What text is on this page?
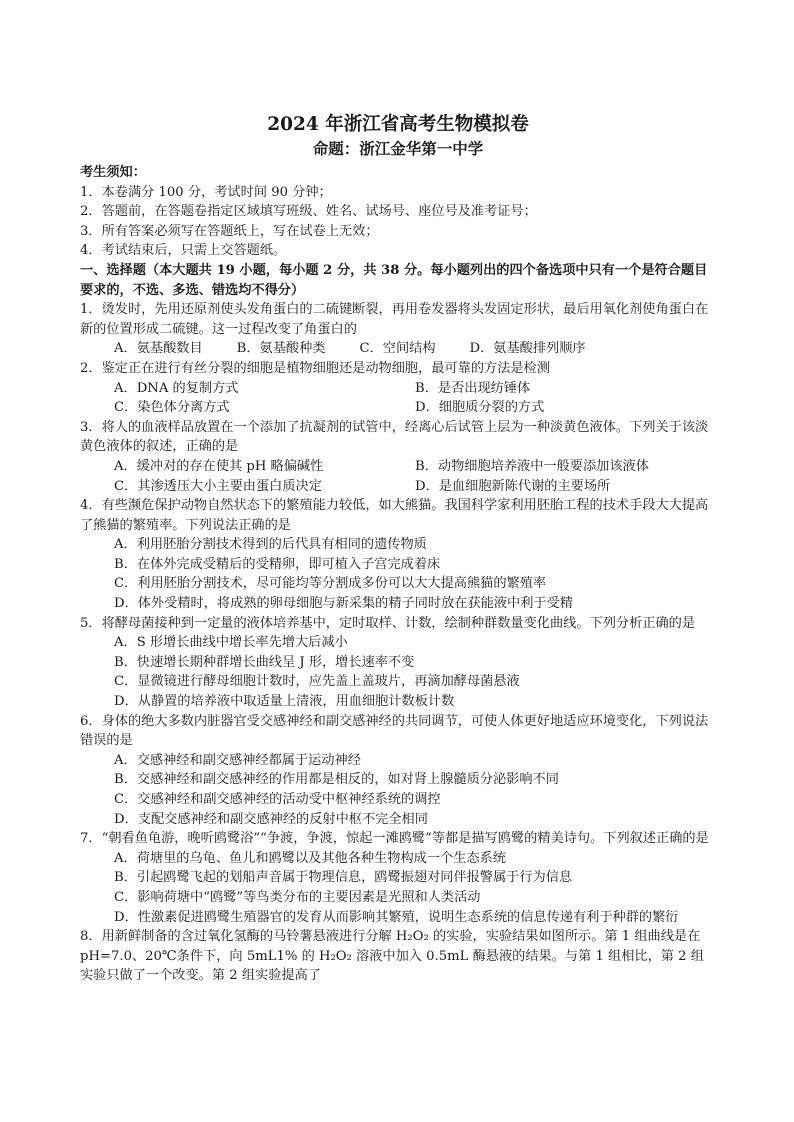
2024 年浙江省高考生物模拟卷
命题：浙江金华第一中学
考生须知：
1．本卷满分 100 分，考试时间 90 分钟；
2．答题前，在答题卷指定区域填写班级、姓名、试场号、座位号及准考证号；
3．所有答案必须写在答题纸上，写在试卷上无效；
4．考试结束后，只需上交答题纸。
一、选择题（本大题共 19 小题，每小题 2 分，共 38 分。每小题列出的四个备选项中只有一个是符合题目要求的，不选、多选、错选均不得分）
1．烫发时，先用还原剂使头发角蛋白的二硫键断裂，再用卷发器将头发固定形状，最后用氧化剂使角蛋白在新的位置形成二硫键。这一过程改变了角蛋白的
A．氨基酸数目	B．氨基酸种类	C．空间结构	D．氨基酸排列顺序
2．鉴定正在进行有丝分裂的细胞是植物细胞还是动物细胞，最可靠的方法是检测
A．DNA 的复制方式	B．是否出现纺锤体
C．染色体分离方式	D．细胞质分裂的方式
3．将人的血液样品放置在一个添加了抗凝剂的试管中，经离心后试管上层为一种淡黄色液体。下列关于该淡黄色液体的叙述，正确的是
A．缓冲对的存在使其 pH 略偏碱性	B．动物细胞培养液中一般要添加该液体
C．其渗透压大小主要由蛋白质决定	D．是血细胞新陈代谢的主要场所
4．有些濒危保护动物自然状态下的繁殖能力较低，如大熊猫。我国科学家利用胚胎工程的技术手段大大提高了熊猫的繁殖率。下列说法正确的是
A．利用胚胎分割技术得到的后代具有相同的遗传物质
B．在体外完成受精后的受精卵，即可植入子宫完成着床
C．利用胚胎分割技术，尽可能均等分割成多份可以大大提高熊猫的繁殖率
D．体外受精时，将成熟的卵母细胞与新采集的精子同时放在获能液中利于受精
5．将酵母菌接种到一定量的液体培养基中，定时取样、计数，绘制种群数量变化曲线。下列分析正确的是
A．S 形增长曲线中增长率先增大后减小
B．快速增长期种群增长曲线呈 J 形，增长速率不变
C．显微镜进行酵母细胞计数时，应先盖上盖玻片，再滴加酵母菌悬液
D．从静置的培养液中取适量上清液，用血细胞计数板计数
6．身体的绝大多数内脏器官受交感神经和副交感神经的共同调节，可使人体更好地适应环境变化，下列说法错误的是
A．交感神经和副交感神经都属于运动神经
B．交感神经和副交感神经的作用都是相反的，如对肾上腺髓质分泌影响不同
C．交感神经和副交感神经的活动受中枢神经系统的调控
D．支配交感神经和副交感神经的反射中枢不完全相同
7．“朝看鱼龟游，晚听鸥鹭浴”“争渡，争渡，惊起一滩鸥鹭”等都是描写鸥鹭的精美诗句。下列叙述正确的是
A．荷塘里的乌龟、鱼儿和鸥鹭以及其他各种生物构成一个生态系统
B．引起鸥鹭飞起的划船声音属于物理信息，鸥鹭振翅对同伴报警属于行为信息
C．影响荷塘中“鸥鹭”等鸟类分布的主要因素是光照和人类活动
D．性激素促进鸥鹭生殖器官的发育从而影响其繁殖，说明生态系统的信息传递有利于种群的繁衍
8．用新鲜制备的含过氧化氢酶的马铃薯悬液进行分解 H₂O₂ 的实验，实验结果如图所示。第 1 组曲线是在 pH=7.0、20℃条件下，向 5mL1% 的 H₂O₂ 溶液中加入 0.5mL 酶悬液的结果。与第 1 组相比，第 2 组实验只做了一个改变。第 2 组实验提高了
